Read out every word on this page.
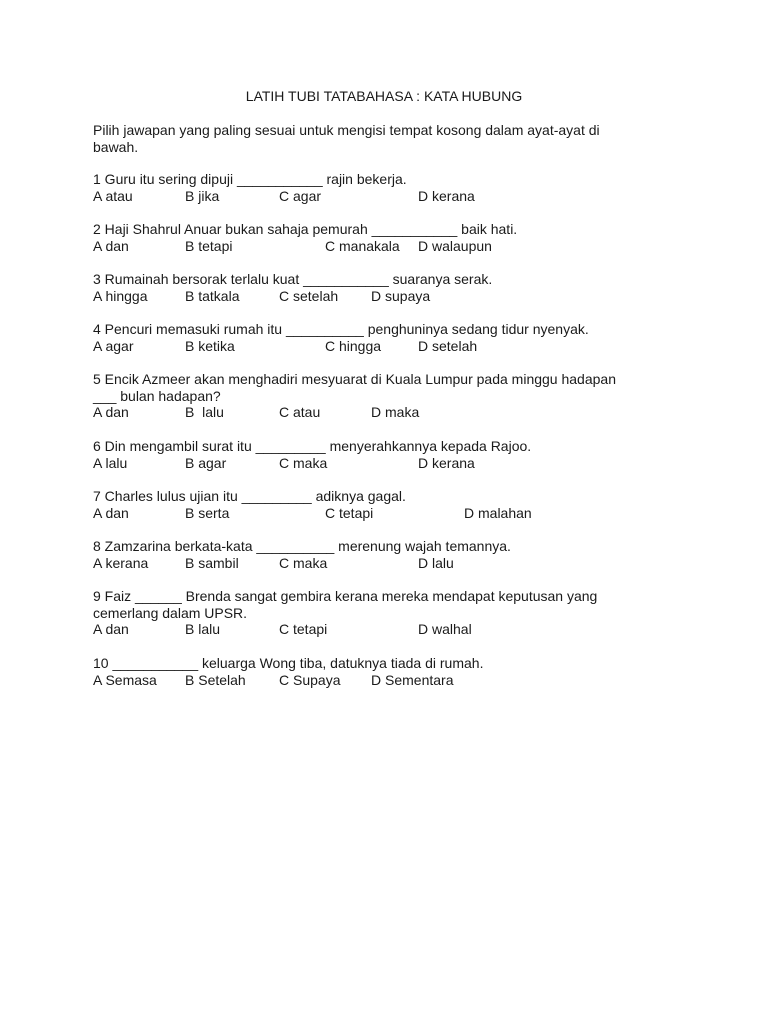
LATIH TUBI TATABAHASA : KATA HUBUNG
Pilih jawapan yang paling sesuai untuk mengisi tempat kosong dalam ayat-ayat di
bawah.
1 Guru itu sering dipuji ___________ rajin bekerja.
A atau	B jika	C agar	D kerana
2 Haji Shahrul Anuar bukan sahaja pemurah ___________ baik hati.
A dan	B tetapi	C manakala D walaupun
3 Rumainah bersorak terlalu kuat ___________ suaranya serak.
A hingga	B tatkala	C setelah D supaya
4 Pencuri memasuki rumah itu __________ penghuninya sedang tidur nyenyak.
A agar	B ketika	C hingga	D setelah
5 Encik Azmeer akan menghadiri mesyuarat di Kuala Lumpur pada minggu hadapan
___ bulan hadapan?
A dan	B  lalu	C atau	D maka
6 Din mengambil surat itu _________ menyerahkannya kepada Rajoo.
A lalu	B agar	C maka	D kerana
7 Charles lulus ujian itu _________ adiknya gagal.
A dan	B serta	C tetapi	D malahan
8 Zamzarina berkata-kata __________ merenung wajah temannya.
A kerana	B sambil	C maka	D lalu
9 Faiz ______ Brenda sangat gembira kerana mereka mendapat keputusan yang
cemerlang dalam UPSR.
A dan	B lalu	C tetapi	D walhal
10 ___________ keluarga Wong tiba, datuknya tiada di rumah.
A Semasa B Setelah C Supaya D Sementara
